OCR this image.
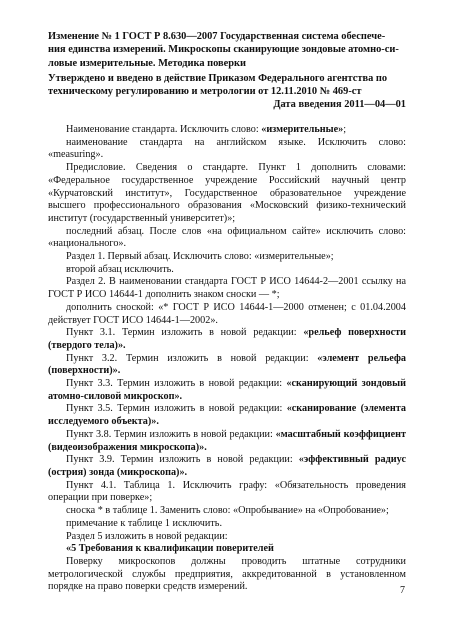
Изменение № 1 ГОСТ Р 8.630—2007 Государственная система обеспече-
ния единства измерений. Микроскопы сканирующие зондовые атомно-си-
ловые измерительные. Методика поверки
Утверждено и введено в действие Приказом Федерального агентства по
техническому регулированию и метрологии от 12.11.2010 № 469-ст
Дата введения 2011—04—01

Наименование стандарта. Исключить слово: «измерительные»;

наименование стандарта на английском языке. Исключить слово: «measuring».

Предисловие. Сведения о стандарте. Пункт 1 дополнить словами: «Федеральное государственное учреждение Российский научный центр «Курчатовский институт», Государственное образовательное учреждение высшего профессионального образования «Московский физико-технический институт (государственный университет)»;

последний абзац. После слов «на официальном сайте» исключить слово: «национального».

Раздел 1. Первый абзац. Исключить слово: «измерительные»;

второй абзац исключить.

Раздел 2. В наименовании стандарта ГОСТ Р ИСО 14644-2—2001 ссылку на ГОСТ Р ИСО 14644-1 дополнить знаком сноски — *;

дополнить сноской: «* ГОСТ Р ИСО 14644-1—2000 отменен; с 01.04.2004 действует ГОСТ ИСО 14644-1—2002».

Пункт 3.1. Термин изложить в новой редакции: «рельеф поверхности (твердого тела)».

Пункт 3.2. Термин изложить в новой редакции: «элемент рельефа (поверхности)».

Пункт 3.3. Термин изложить в новой редакции: «сканирующий зондовый атомно-силовой микроскоп».

Пункт 3.5. Термин изложить в новой редакции: «сканирование (элемента исследуемого объекта)».

Пункт 3.8. Термин изложить в новой редакции: «масштабный коэффициент (видеоизображения микроскопа)».

Пункт 3.9. Термин изложить в новой редакции: «эффективный радиус (острия) зонда (микроскопа)».

Пункт 4.1. Таблица 1. Исключить графу: «Обязательность проведения операции при поверке»;

сноска * в таблице 1. Заменить слово: «Опробывание» на «Опробование»;

примечание к таблице 1 исключить.

Раздел 5 изложить в новой редакции:

«5 Требования к квалификации поверителей

Поверку микроскопов должны проводить штатные сотрудники метрологической службы предприятия, аккредитованной в установленном порядке на право поверки средств измерений.	7
